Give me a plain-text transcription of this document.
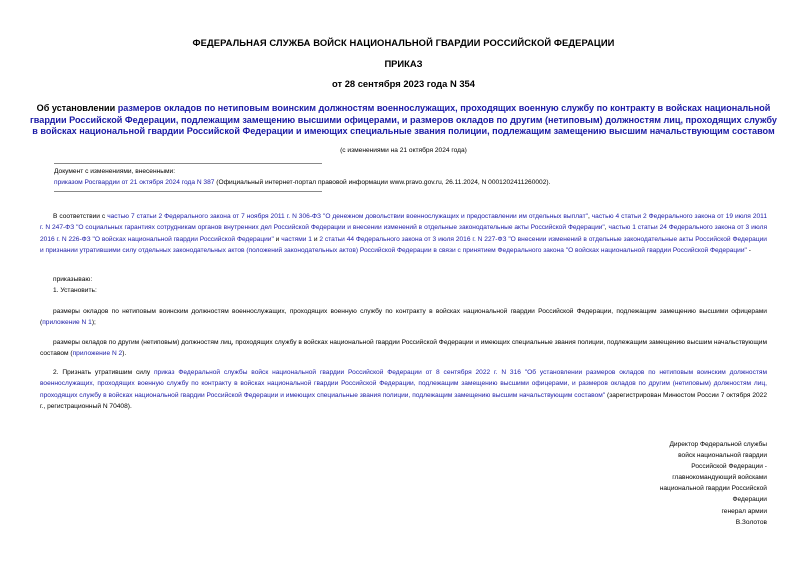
ФЕДЕРАЛЬНАЯ СЛУЖБА ВОЙСК НАЦИОНАЛЬНОЙ ГВАРДИИ РОССИЙСКОЙ ФЕДЕРАЦИИ
ПРИКАЗ
от 28 сентября 2023 года N 354
Об установлении размеров окладов по нетиповым воинским должностям военнослужащих, проходящих военную службу по контракту в войсках национальной гвардии Российской Федерации, подлежащим замещению высшими офицерами, и размеров окладов по другим (нетиповым) должностям лиц, проходящих службу в войсках национальной гвардии Российской Федерации и имеющих специальные звания полиции, подлежащим замещению высшим начальствующим составом
(с изменениями на 21 октября 2024 года)
Документ с изменениями, внесенными:
приказом Росгвардии от 21 октября 2024 года N 387 (Официальный интернет-портал правовой информации www.pravo.gov.ru, 26.11.2024, N 0001202411260002).
В соответствии с частью 7 статьи 2 Федерального закона от 7 ноября 2011 г. N 306-ФЗ "О денежном довольствии военнослужащих и предоставлении им отдельных выплат", частью 4 статьи 2 Федерального закона от 19 июля 2011 г. N 247-ФЗ "О социальных гарантиях сотрудникам органов внутренних дел Российской Федерации и внесении изменений в отдельные законодательные акты Российской Федерации", частью 1 статьи 24 Федерального закона от 3 июля 2016 г. N 226-ФЗ "О войсках национальной гвардии Российской Федерации" и частями 1 и 2 статьи 44 Федерального закона от 3 июля 2016 г. N 227-ФЗ "О внесении изменений в отдельные законодательные акты Российской Федерации и признании утратившими силу отдельных законодательных актов (положений законодательных актов) Российской Федерации в связи с принятием Федерального закона "О войсках национальной гвардии Российской Федерации" -
приказываю:
1. Установить:
размеры окладов по нетиповым воинским должностям военнослужащих, проходящих военную службу по контракту в войсках национальной гвардии Российской Федерации, подлежащим замещению высшими офицерами (приложение N 1);
размеры окладов по другим (нетиповым) должностям лиц, проходящих службу в войсках национальной гвардии Российской Федерации и имеющих специальные звания полиции, подлежащим замещению высшим начальствующим составом (приложение N 2).
2. Признать утратившим силу приказ Федеральной службы войск национальной гвардии Российской Федерации от 8 сентября 2022 г. N 316 "Об установлении размеров окладов по нетиповым воинским должностям военнослужащих, проходящих военную службу по контракту в войсках национальной гвардии Российской Федерации, подлежащим замещению высшими офицерами, и размеров окладов по другим (нетиповым) должностям лиц, проходящих службу в войсках национальной гвардии Российской Федерации и имеющих специальные звания полиции, подлежащим замещению высшим начальствующим составом" (зарегистрирован Минюстом России 7 октября 2022 г., регистрационный N 70408).
Директор Федеральной службы
войск национальной гвардии
Российской Федерации -
главнокомандующий войсками
национальной гвардии Российской
Федерации
генерал армии
В.Золотов
